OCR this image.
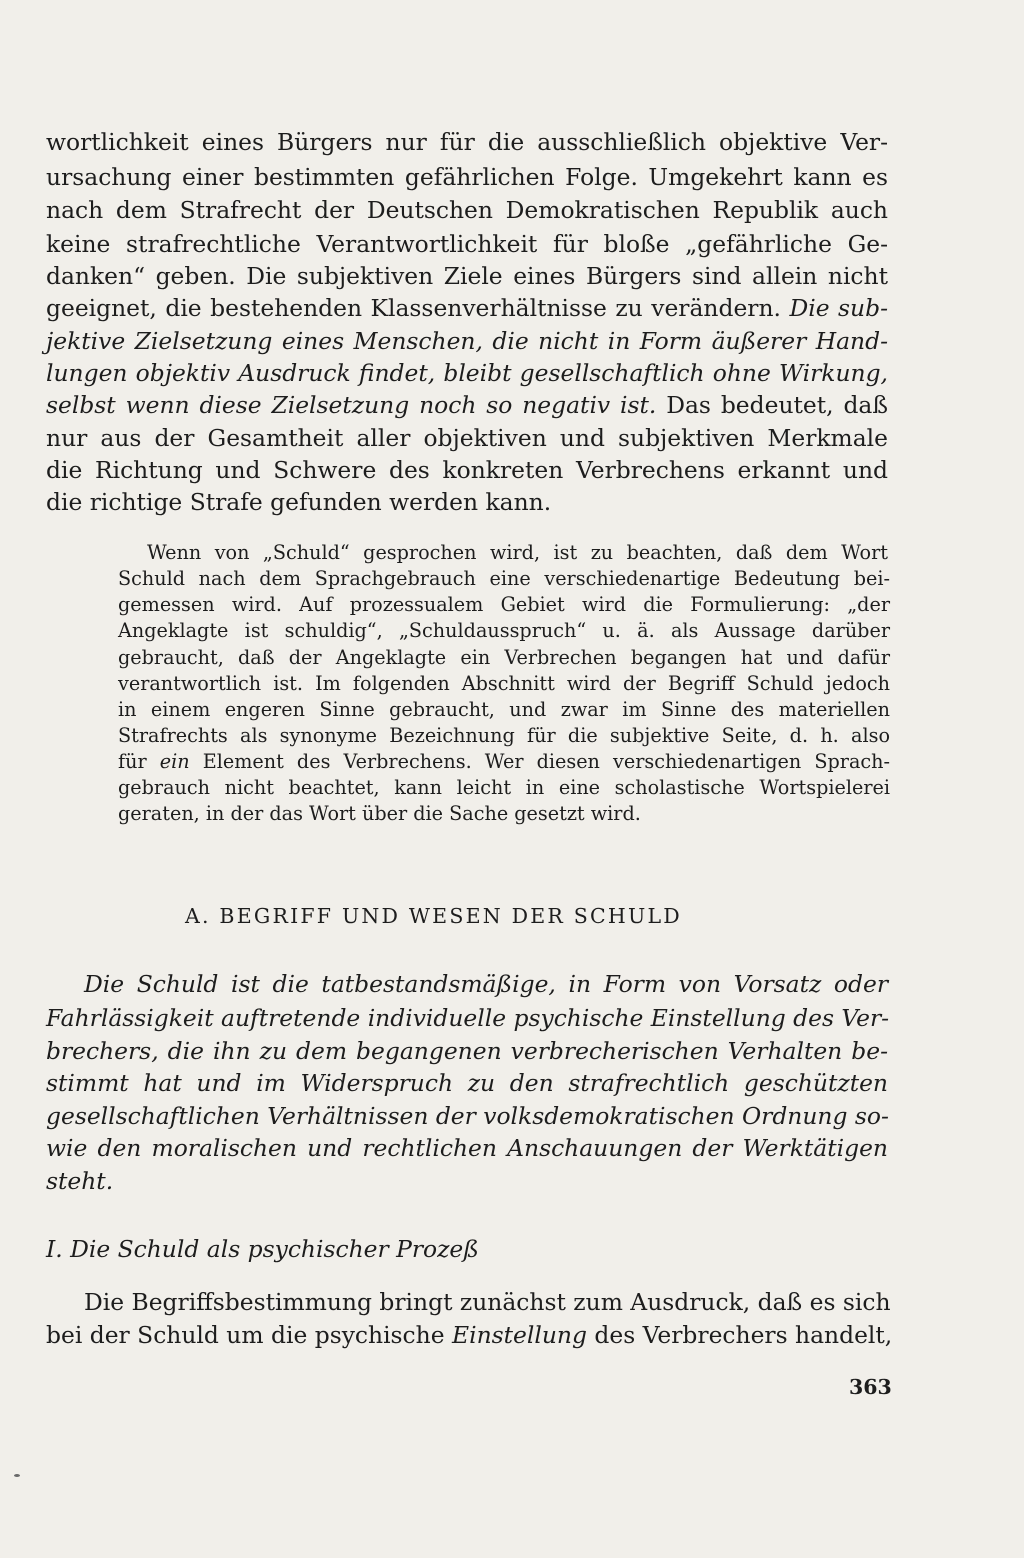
wortlichkeit eines Bürgers nur für die ausschließlich objektive Ver-

ursachung einer bestimmten gefährlichen Folge. Umgekehrt kann es

nach dem Strafrecht der Deutschen Demokratischen Republik auch

keine strafrechtliche Verantwortlichkeit für bloße „gefährliche Ge-

danken“ geben. Die subjektiven Ziele eines Bürgers sind allein nicht

geeignet, die bestehenden Klassenverhältnisse zu verändern. Die sub-

jektive Zielsetzung eines Menschen, die nicht in Form äußerer Hand-

lungen objektiv Ausdruck findet, bleibt gesellschaftlich ohne Wirkung,

selbst wenn diese Zielsetzung noch so negativ ist. Das bedeutet, daß

nur aus der Gesamtheit aller objektiven und subjektiven Merkmale

die Richtung und Schwere des konkreten Verbrechens erkannt und

die richtige Strafe gefunden werden kann.

Wenn von „Schuld“ gesprochen wird, ist zu beachten, daß dem Wort

Schuld nach dem Sprachgebrauch eine verschiedenartige Bedeutung bei-

gemessen wird. Auf prozessualem Gebiet wird die Formulierung: „der

Angeklagte ist schuldig“, „Schuldausspruch“ u. ä. als Aussage darüber

gebraucht, daß der Angeklagte ein Verbrechen begangen hat und dafür

verantwortlich ist. Im folgenden Abschnitt wird der Begriff Schuld jedoch

in einem engeren Sinne gebraucht, und zwar im Sinne des materiellen

Strafrechts als synonyme Bezeichnung für die subjektive Seite, d. h. also

für ein Element des Verbrechens. Wer diesen verschiedenartigen Sprach-

gebrauch nicht beachtet, kann leicht in eine scholastische Wortspielerei

geraten, in der das Wort über die Sache gesetzt wird.

A. BEGRIFF UND WESEN DER SCHULD

Die Schuld ist die tatbestandsmäßige, in Form von Vorsatz oder

Fahrlässigkeit auftretende individuelle psychische Einstellung des Ver-

brechers, die ihn zu dem begangenen verbrecherischen Verhalten be-

stimmt hat und im Widerspruch zu den strafrechtlich geschützten

gesellschaftlichen Verhältnissen der volksdemokratischen Ordnung so-

wie den moralischen und rechtlichen Anschauungen der Werktätigen

steht.

I. Die Schuld als psychischer Prozeß

Die Begriffsbestimmung bringt zunächst zum Ausdruck, daß es sich

bei der Schuld um die psychische Einstellung des Verbrechers handelt,

363
